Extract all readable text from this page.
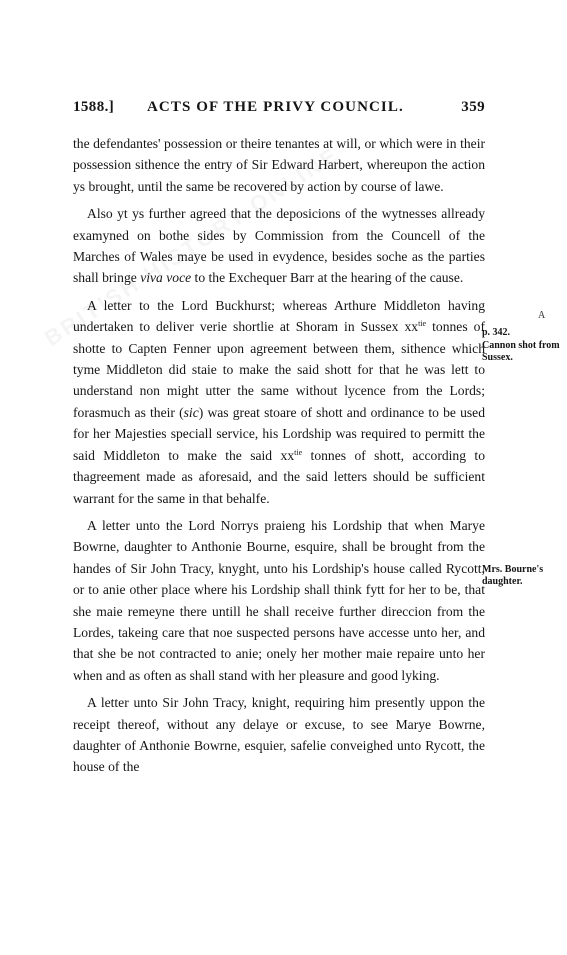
1588.] ACTS OF THE PRIVY COUNCIL.	359

the defendantes' possession or theire tenantes at will, or which were in their possession sithence the entry of Sir Edward Harbert, whereupon the action ys brought, until the same be recovered by action by course of lawe.

Also yt ys further agreed that the deposicions of the wytnesses allready examyned on bothe sides by Commission from the Councell of the Marches of Wales maye be used in evydence, besides soche as the parties shall bringe viva voce to the Exchequer Barr at the hearing of the cause.

A letter to the Lord Buckhurst; whereas Arthure Middleton having undertaken to deliver verie shortlie at Shoram in Sussex $xx^{tie}$ tonnes of shotte to Capten Fenner upon agreement between them, sithence which tyme Middleton did staie to make the said shott for that he was lett to understand non might utter the same without lycence from the Lords; forasmuch as their (sic) was great stoare of shott and ordinance to be used for her Majesties speciall service, his Lordship was required to permitt the said Middleton to make the said $xx^{tie}$ tonnes of shott, according to thagreement made as aforesaid, and the said letters should be sufficient warrant for the same in that behalfe.

A letter unto the Lord Norrys praieng his Lordship that when Marye Bowrne, daughter to Anthonie Bourne, esquire, shall be brought from the handes of Sir John Tracy, knyght, unto his Lordship's house called Rycott, or to anie other place where his Lordship shall think fytt for her to be, that she maie remeyne there untill he shall receive further direccion from the Lordes, takeing care that noe suspected persons have accesse unto her, and that she be not contracted to anie; onely her mother maie repaire unto her when and as often as shall stand with her pleasure and good lyking.

A letter unto Sir John Tracy, knight, requiring him presently uppon the receipt thereof, without any delaye or excuse, to see Marye Bowrne, daughter of Anthonie Bowrne, esquier, safelie conveighed unto Rycott, the house of the

A
p. 342.
Cannon shot from Sussex.
Mrs. Bourne's daughter.
